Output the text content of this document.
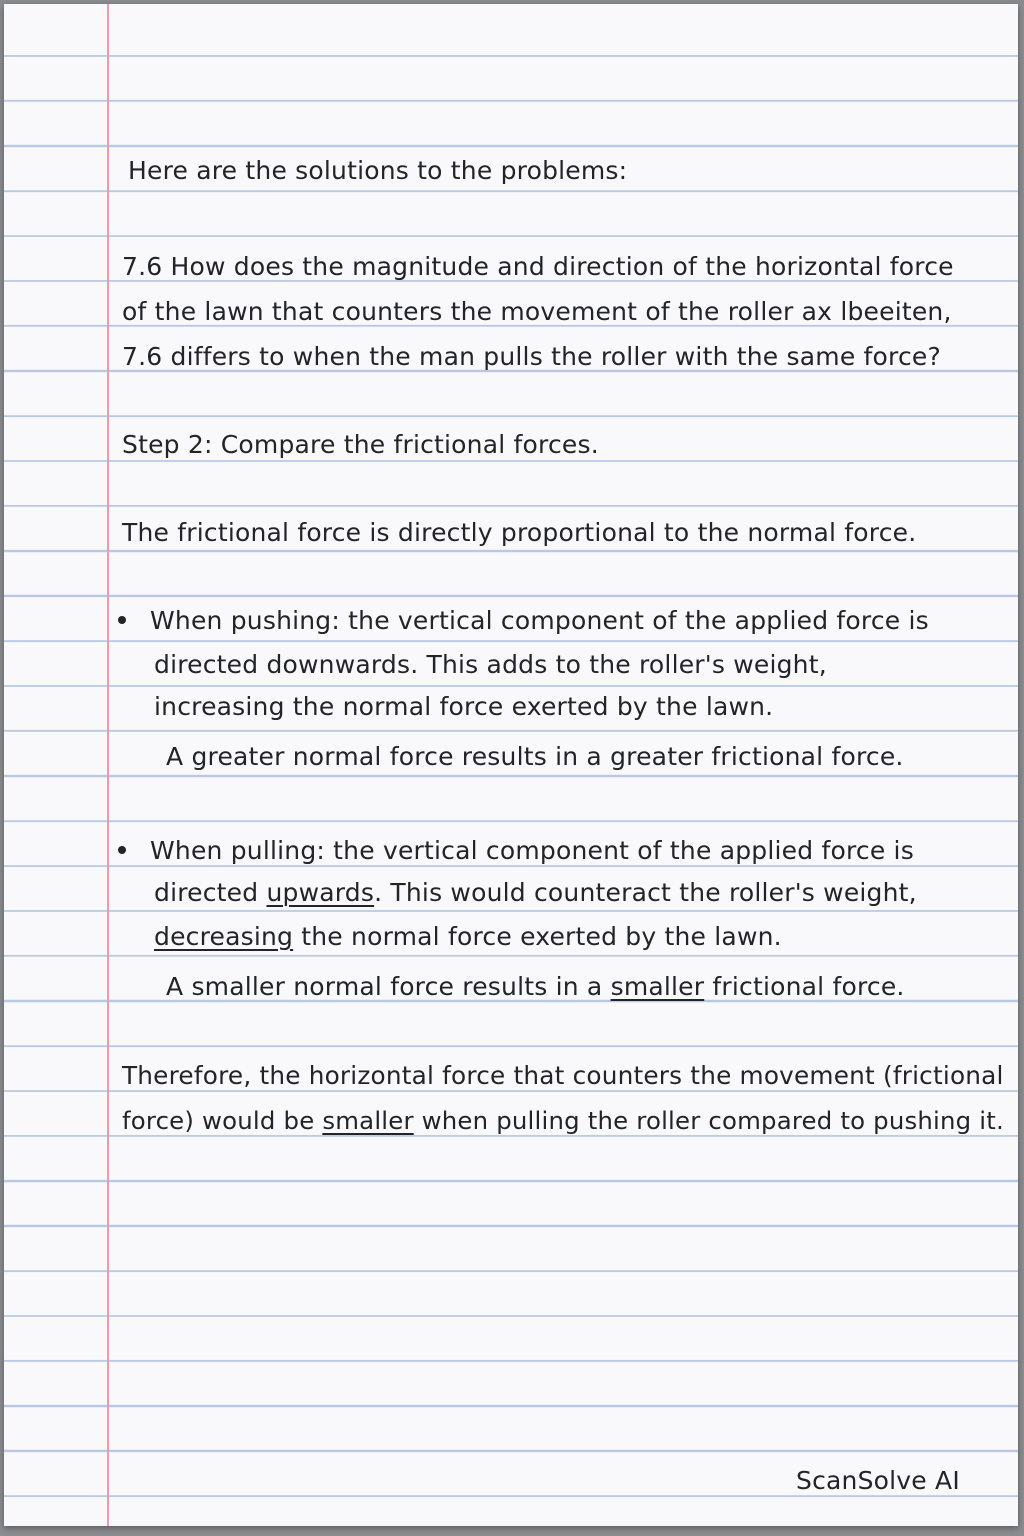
Here are the solutions to the problems:
7.6 How does the magnitude and direction of the horizontal force
of the lawn that counters the movement of the roller ax lbeeiten,
7.6 differs to when the man pulls the roller with the same force?
Step 2: Compare the frictional forces.
The frictional force is directly proportional to the normal force.
When pushing: the vertical component of the applied force is
directed downwards. This adds to the roller's weight,
increasing the normal force exerted by the lawn.
A greater normal force results in a greater frictional force.
When pulling: the vertical component of the applied force is
directed upwards. This would counteract the roller's weight,
decreasing the normal force exerted by the lawn.
A smaller normal force results in a smaller frictional force.
Therefore, the horizontal force that counters the movement (frictional
force) would be smaller when pulling the roller compared to pushing it.
ScanSolve AI
